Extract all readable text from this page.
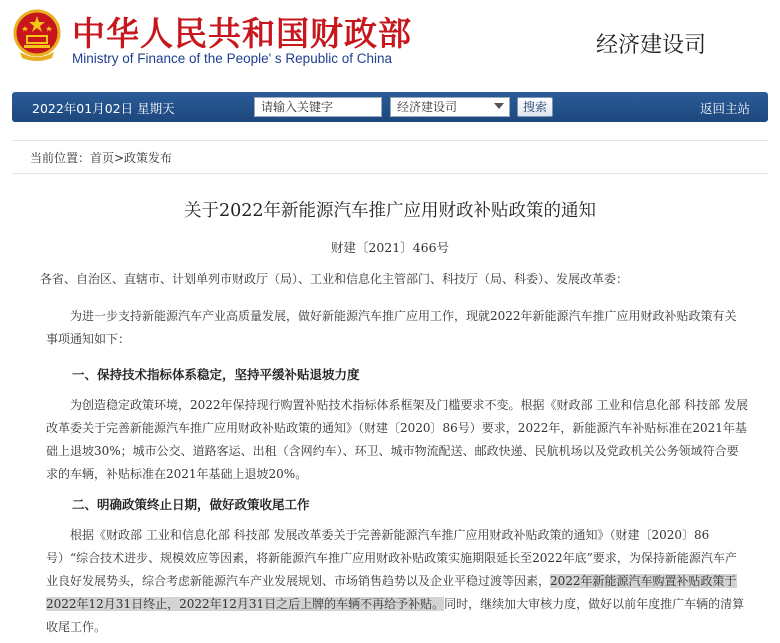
中华人民共和国财政部
Ministry of Finance of the People' s Republic of China
经济建设司
2022年01月02日 星期天	请输入关键字	经济建设司	搜索	返回主站
当前位置：首页>政策发布
关于2022年新能源汽车推广应用财政补贴政策的通知
财建〔2021〕466号
各省、自治区、直辖市、计划单列市财政厅（局）、工业和信息化主管部门、科技厅（局、科委）、发展改革委：
为进一步支持新能源汽车产业高质量发展，做好新能源汽车推广应用工作，现就2022年新能源汽车推广应用财政补贴政策有关事项通知如下：
一、保持技术指标体系稳定，坚持平缓补贴退坡力度
为创造稳定政策环境，2022年保持现行购置补贴技术指标体系框架及门槛要求不变。根据《财政部 工业和信息化部 科技部 发展改革委关于完善新能源汽车推广应用财政补贴政策的通知》（财建〔2020〕86号）要求，2022年，新能源汽车补贴标准在2021年基础上退坡30%；城市公交、道路客运、出租（含网约车）、环卫、城市物流配送、邮政快递、民航机场以及党政机关公务领域符合要求的车辆，补贴标准在2021年基础上退坡20%。
二、明确政策终止日期，做好政策收尾工作
根据《财政部 工业和信息化部 科技部 发展改革委关于完善新能源汽车推广应用财政补贴政策的通知》（财建〔2020〕86号）“综合技术进步、规模效应等因素，将新能源汽车推广应用财政补贴政策实施期限延长至2022年底”要求，为保持新能源汽车产业良好发展势头，综合考虑新能源汽车产业发展规划、市场销售趋势以及企业平稳过渡等因素，2022年新能源汽车购置补贴政策于2022年12月31日终止，2022年12月31日之后上牌的车辆不再给予补贴。同时，继续加大审核力度，做好以前年度推广车辆的清算收尾工作。
